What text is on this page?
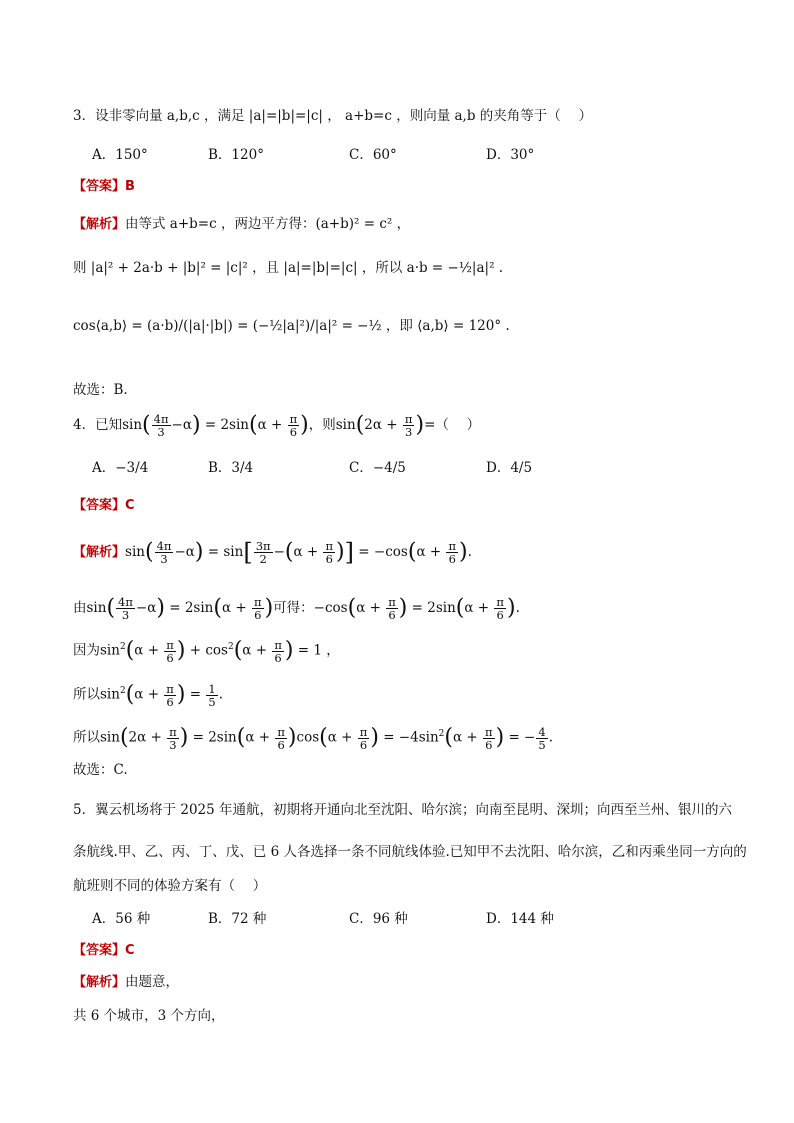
3．设非零向量 a,b,c ，满足 |a|=|b|=|c| ， a+b=c ，则向量 a,b 的夹角等于（　 ）
A．150°	B．120°	C．60°	D．30°
【答案】B
【解析】由等式 a+b=c ，两边平方得：(a+b)² = c² ，
则 |a|² + 2a·b + |b|² = |c|² ，且 |a|=|b|=|c| ，所以 a·b = −½|a|² .
cos⟨a,b⟩ = (a·b)/(|a|·|b|) = (−½|a|²)/|a|² = −½ ，即 ⟨a,b⟩ = 120° .
故选：B.
4．已知$\sin( \frac{4\pi}{3} -\alpha) = 2\sin(\alpha + \frac{\pi}{6}$ )，则$\sin(2\alpha + \frac{\pi}{3}$ )=（　 ）
A．−3/4	B．3/4	C．−4/5	D．4/5
【答案】C
【解析】$\sin( \frac{4\pi}{3} -\alpha) = \sin[ \frac{3\pi}{2} -(\alpha + \frac{\pi}{6}$ )] = $-\cos(\alpha + \frac{\pi}{6}$ ).
由$\sin( \frac{4\pi}{3} -\alpha) = 2\sin(\alpha + \frac{\pi}{6}$ )可得：$-\cos(\alpha + \frac{\pi}{6}$ ) = $2\sin(\alpha + \frac{\pi}{6}$ ).
因为$\sin^2(\alpha + \frac{\pi}{6}$ ) + $\cos^2(\alpha + \frac{\pi}{6}$ ) = 1 ，
所以$\sin^2(\alpha + \frac{\pi}{6}$ ) = $\frac{1}{5}$ .
所以$\sin(2\alpha + \frac{\pi}{3}$ ) = $2\sin(\alpha + \frac{\pi}{6} )\cos(\alpha + \frac{\pi}{6}$ ) = $-4\sin^2(\alpha + \frac{\pi}{6}$ ) = − $\frac{4}{5}$ .
故选：C.
5．翼云机场将于 2025 年通航，初期将开通向北至沈阳、哈尔滨；向南至昆明、深圳；向西至兰州、银川的六
条航线.甲、乙、丙、丁、戊、已 6 人各选择一条不同航线体验.已知甲不去沈阳、哈尔滨，乙和丙乘坐同一方向的
航班则不同的体验方案有（　 ）
A．56 种	B．72 种	C．96 种	D．144 种
【答案】C
【解析】由题意，
共 6 个城市，3 个方向，
